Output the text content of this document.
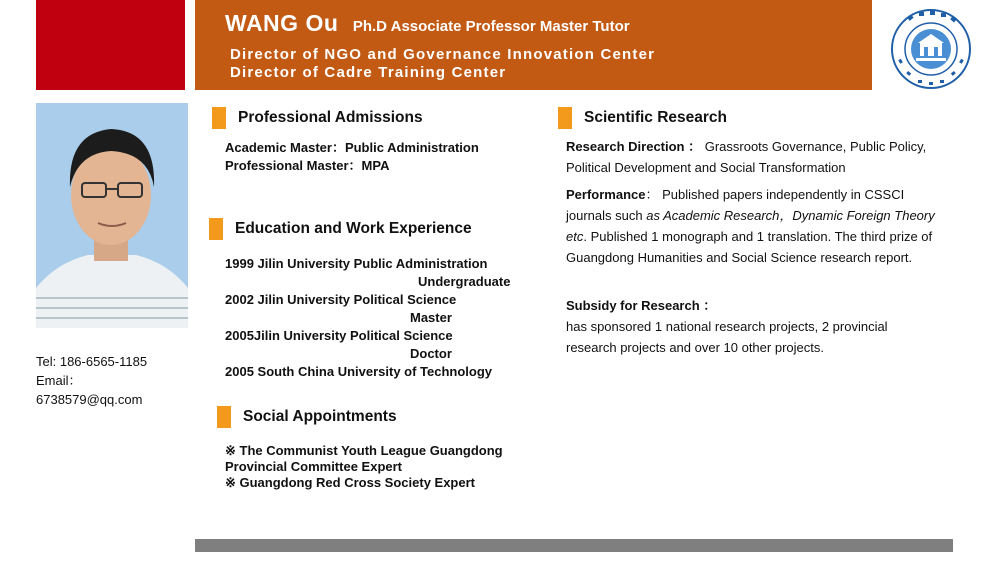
WANG Ou Ph.D Associate Professor Master Tutor
Director of NGO and Governance Innovation Center
Director of Cadre Training Center
Tel: 186-6565-1185
Email：
6738579@qq.com
Professional Admissions
Academic Master：Public Administration
Professional Master：MPA
Education and Work Experience
1999 Jilin University Public Administration
Undergraduate
2002 Jilin University Political Science
Master
2005Jilin University Political Science
Doctor
2005 South China University of Technology
Social Appointments
※ The Communist Youth League Guangdong
Provincial Committee Expert
※ Guangdong Red Cross Society Expert
Scientific Research
Research Direction ： Grassroots Governance, Public Policy, Political Development and Social Transformation
Performance： Published papers independently in CSSCI journals such as Academic Research，Dynamic Foreign Theory etc. Published 1 monograph and 1 translation. The third prize of Guangdong Humanities and Social Science research report.
Subsidy for Research ：
has sponsored 1 national research projects, 2 provincial research projects and over 10 other projects.
